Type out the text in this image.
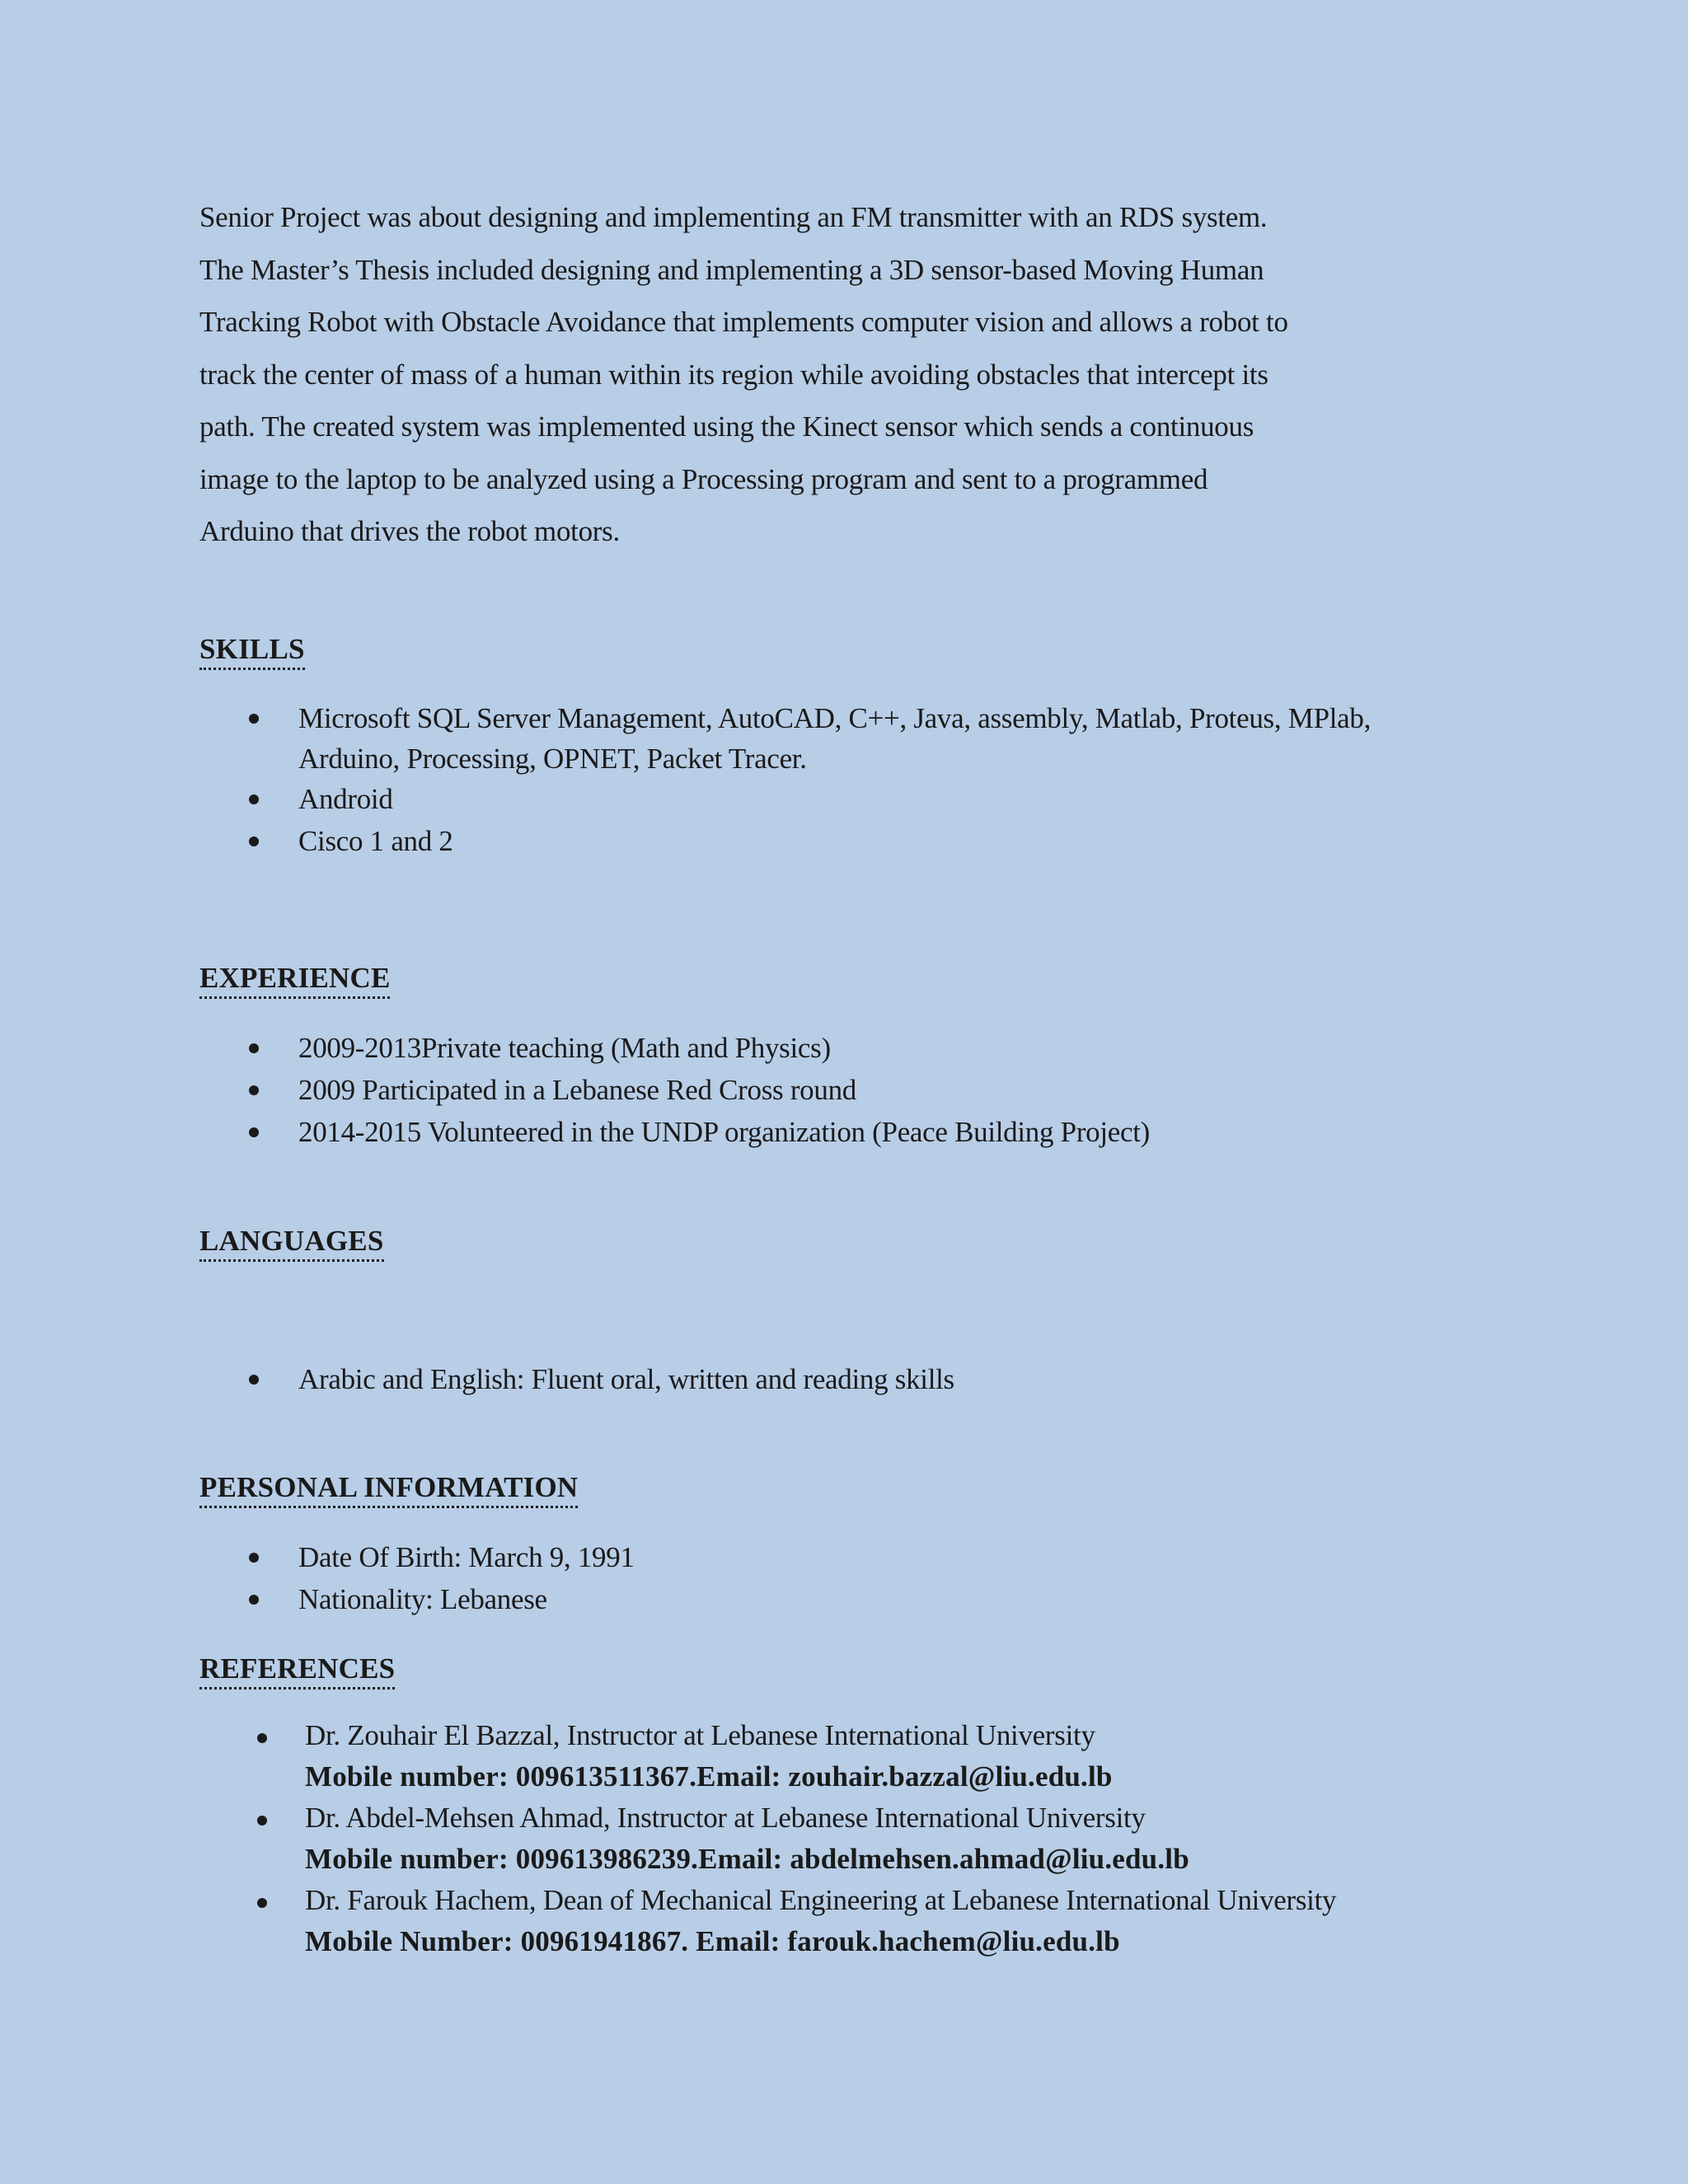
Senior Project was about designing and implementing an FM transmitter with an RDS system.

The Master’s Thesis included designing and implementing a 3D sensor-based Moving Human

Tracking Robot with Obstacle Avoidance that implements computer vision and allows a robot to

track the center of mass of a human within its region while avoiding obstacles that intercept its

path. The created system was implemented using the Kinect sensor which sends a continuous

image to the laptop to be analyzed using a Processing program and sent to a programmed

Arduino that drives the robot motors.

SKILLS
Microsoft SQL Server Management, AutoCAD, C++, Java, assembly, Matlab, Proteus, MPlab,
Arduino, Processing, OPNET, Packet Tracer.
Android
Cisco 1 and 2
EXPERIENCE
2009-2013Private teaching (Math and Physics)
2009 Participated in a Lebanese Red Cross round
2014-2015 Volunteered in the UNDP organization (Peace Building Project)
LANGUAGES
Arabic and English: Fluent oral, written and reading skills
PERSONAL INFORMATION
Date Of Birth: March 9, 1991
Nationality: Lebanese
REFERENCES
Dr. Zouhair El Bazzal, Instructor at Lebanese International University
Mobile number: 009613511367.Email: zouhair.bazzal@liu.edu.lb
Dr. Abdel-Mehsen Ahmad, Instructor at Lebanese International University
Mobile number: 009613986239.Email: abdelmehsen.ahmad@liu.edu.lb
Dr. Farouk Hachem, Dean of Mechanical Engineering at Lebanese International University
Mobile Number: 00961941867. Email: farouk.hachem@liu.edu.lb
